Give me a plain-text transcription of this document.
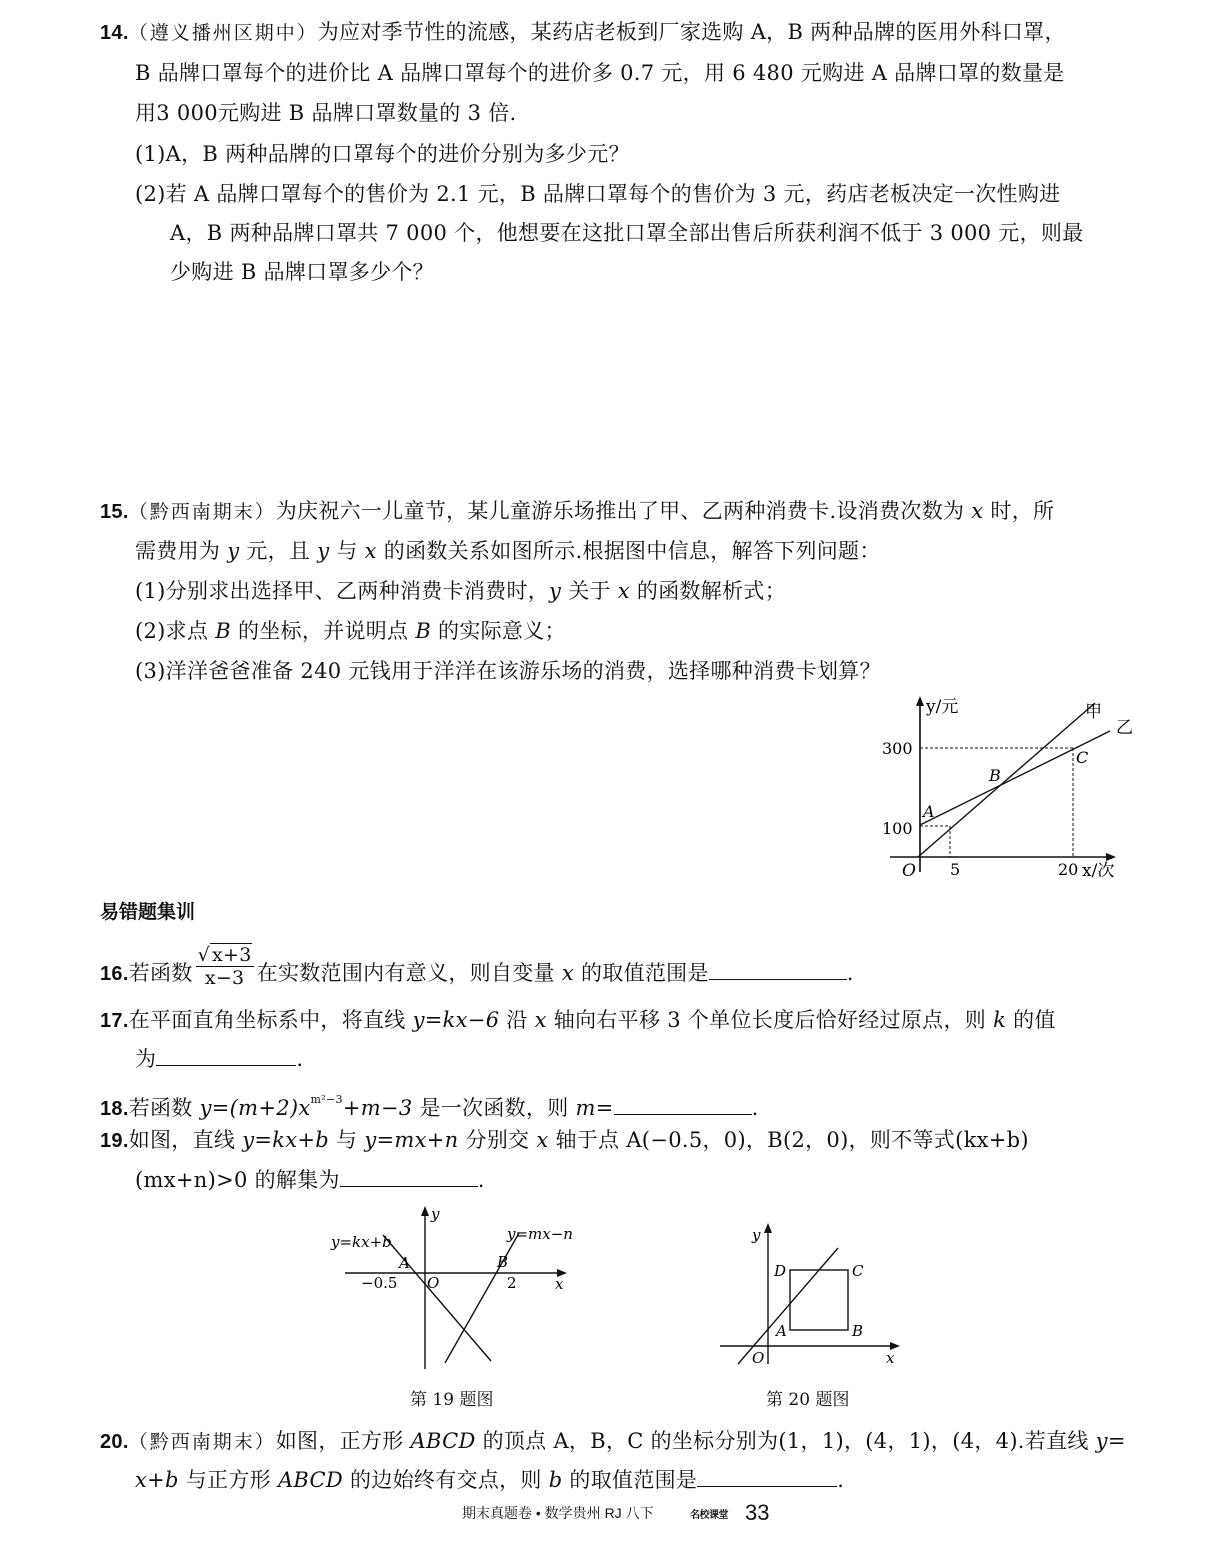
14.（遵义播州区期中）为应对季节性的流感，某药店老板到厂家选购 A，B 两种品牌的医用外科口罩，
B 品牌口罩每个的进价比 A 品牌口罩每个的进价多 0.7 元，用 6 480 元购进 A 品牌口罩的数量是
用3 000元购进 B 品牌口罩数量的 3 倍.
(1)A，B 两种品牌的口罩每个的进价分别为多少元？
(2)若 A 品牌口罩每个的售价为 2.1 元，B 品牌口罩每个的售价为 3 元，药店老板决定一次性购进
A，B 两种品牌口罩共 7 000 个，他想要在这批口罩全部出售后所获利润不低于 3 000 元，则最
少购进 B 品牌口罩多少个？
15.（黔西南期末）为庆祝六一儿童节，某儿童游乐场推出了甲、乙两种消费卡.设消费次数为 x 时，所
需费用为 y 元，且 y 与 x 的函数关系如图所示.根据图中信息，解答下列问题：
(1)分别求出选择甲、乙两种消费卡消费时，y 关于 x 的函数解析式；
(2)求点 B 的坐标，并说明点 B 的实际意义；
(3)洋洋爸爸准备 240 元钱用于洋洋在该游乐场的消费，选择哪种消费卡划算？
y/元
x/次
O
300
100
5	20
A
B
C
甲
乙
易错题集训
16.若函数 $\frac{√ x+3}{x-3}$ 在实数范围内有意义，则自变量 x 的取值范围是	.
17.在平面直角坐标系中，将直线 y=kx−6 沿 x 轴向右平移 3 个单位长度后恰好经过原点，则 k 的值
为	.
18.若函数 $y=(m+2)x^{m^2-3}+m-3$ 是一次函数，则 m=	.
19.如图，直线 y=kx+b 与 y=mx+n 分别交 x 轴于点 A(−0.5，0)，B(2，0)，则不等式(kx+b)
(mx+n)>0 的解集为	.
y=kx+b	y=mx−n
y
x
O
−0.5	2
A	B
第 19 题图
y
x
O
A	B
C
D
第 20 题图
20.（黔西南期末）如图，正方形 ABCD 的顶点 A，B，C 的坐标分别为(1，1)，(4，1)，(4，4).若直线 y=
x+b 与正方形 ABCD 的边始终有交点，则 b 的取值范围是	.
期末真题卷 • 数学贵州 RJ 八下	名校课堂 33
